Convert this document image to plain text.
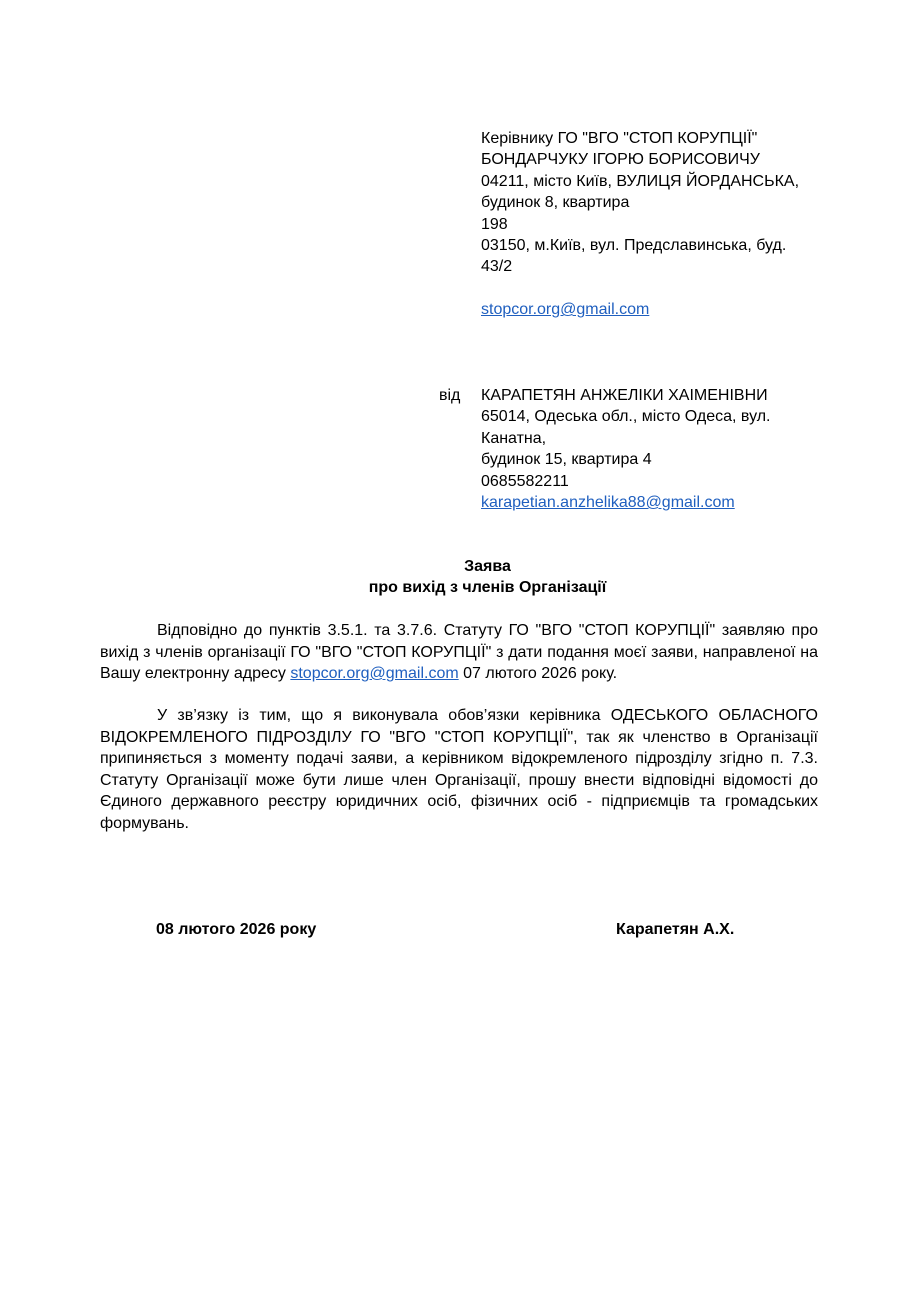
Керівнику ГО "ВГО "СТОП КОРУПЦІЇ"
БОНДАРЧУКУ ІГОРЮ БОРИСОВИЧУ
04211, місто Київ, ВУЛИЦЯ ЙОРДАНСЬКА,
будинок 8, квартира
198
03150, м.Київ, вул. Предславинська, буд.
43/2
stopcor.org@gmail.com
від КАРАПЕТЯН АНЖЕЛІКИ ХАІМЕНІВНИ
65014, Одеська обл., місто Одеса, вул.
Канатна,
будинок 15, квартира 4
0685582211
karapetian.anzhelika88@gmail.com
Заява
про вихід з членів Організації
Відповідно до пунктів 3.5.1. та 3.7.6. Статуту ГО "ВГО "СТОП КОРУПЦІЇ" заявляю про вихід з членів організації ГО "ВГО "СТОП КОРУПЦІЇ" з дати подання моєї заяви, направленої на Вашу електронну адресу stopcor.org@gmail.com 07 лютого 2026 року.
У зв’язку із тим, що я виконувала обов’язки керівника ОДЕСЬКОГО ОБЛАСНОГО ВІДОКРЕМЛЕНОГО ПІДРОЗДІЛУ ГО "ВГО "СТОП КОРУПЦІЇ", так як членство в Організації припиняється з моменту подачі заяви, а керівником відокремленого підрозділу згідно п. 7.3. Статуту Організації може бути лише член Організації, прошу внести відповідні відомості до Єдиного державного реєстру юридичних осіб, фізичних осіб - підприємців та громадських формувань.
08 лютого 2026 року	Карапетян А.Х.
